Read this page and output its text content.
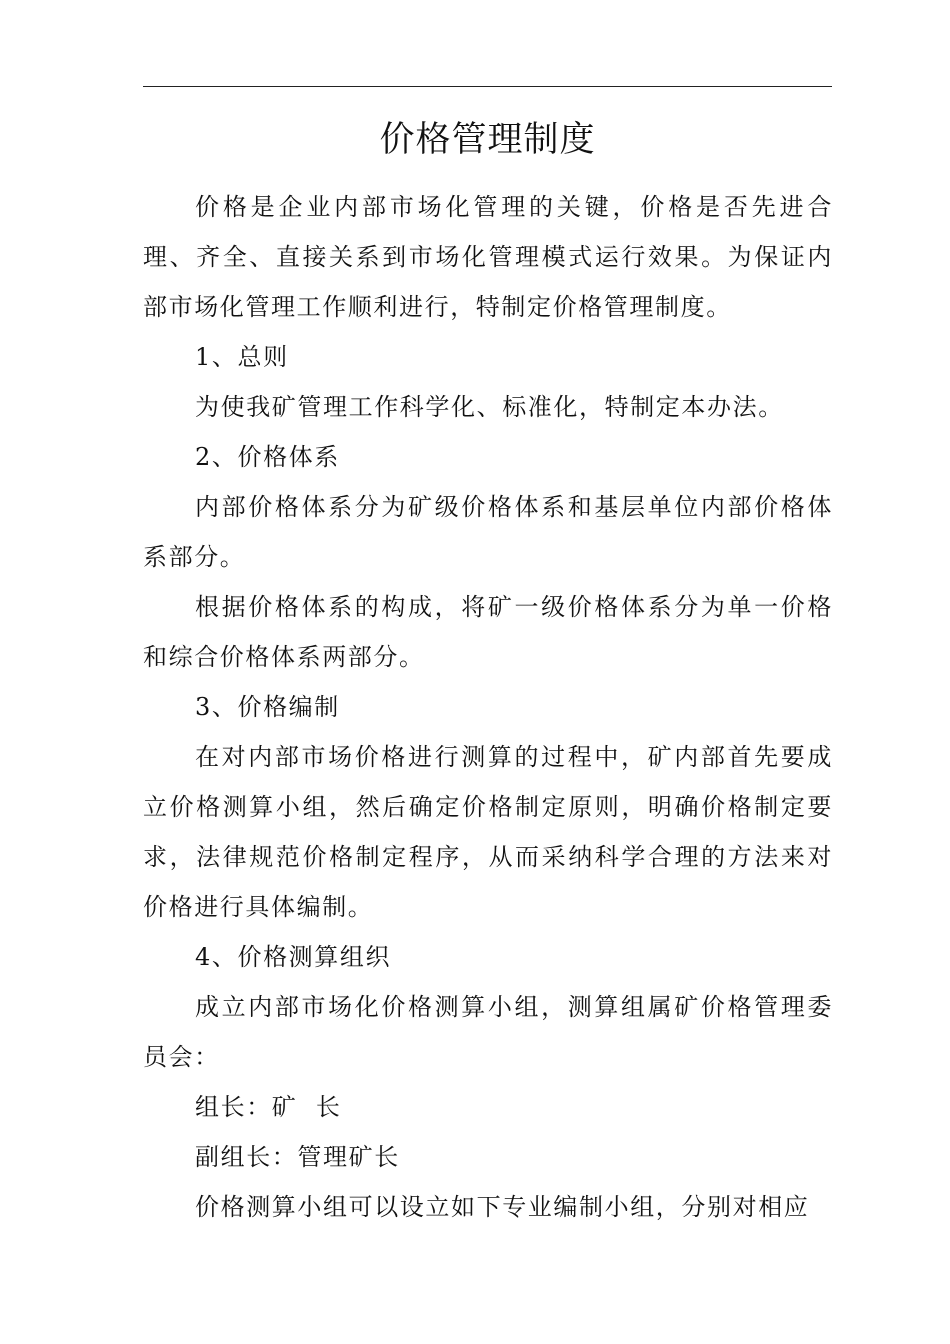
价格管理制度

价格是企业内部市场化管理的关键，价格是否先进合理、齐全、直接关系到市场化管理模式运行效果。为保证内部市场化管理工作顺利进行，特制定价格管理制度。

1、总则

为使我矿管理工作科学化、标准化，特制定本办法。

2、价格体系

内部价格体系分为矿级价格体系和基层单位内部价格体系部分。

根据价格体系的构成，将矿一级价格体系分为单一价格和综合价格体系两部分。

3、价格编制

在对内部市场价格进行测算的过程中，矿内部首先要成立价格测算小组，然后确定价格制定原则，明确价格制定要求，法律规范价格制定程序，从而采纳科学合理的方法来对价格进行具体编制。

4、价格测算组织

成立内部市场化价格测算小组，测算组属矿价格管理委员会：

组长：矿  长

副组长：管理矿长

价格测算小组可以设立如下专业编制小组，分别对相应
